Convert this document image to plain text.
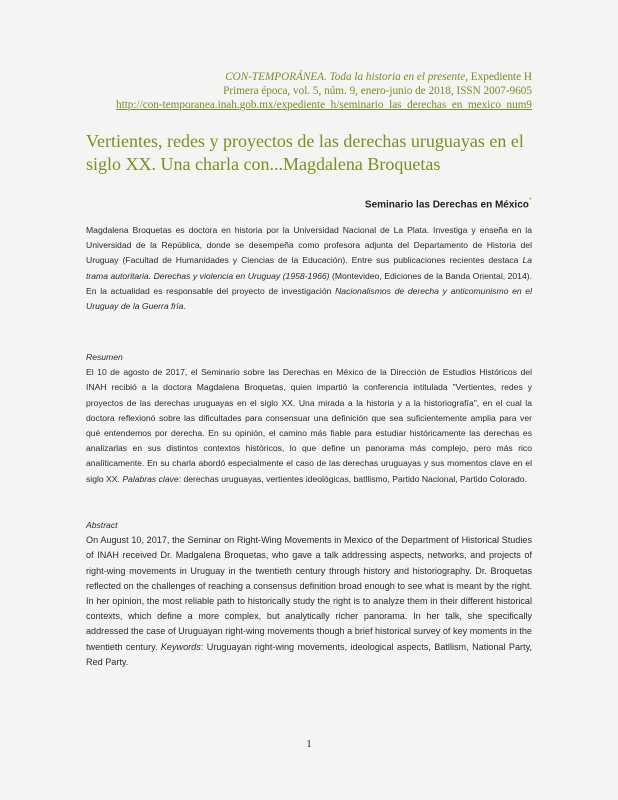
CON-TEMPORÁNEA. Toda la historia en el presente, Expediente H
Primera época, vol. 5, núm. 9, enero-junio de 2018, ISSN 2007-9605
http://con-temporanea.inah.gob.mx/expediente_h/seminario_las_derechas_en_mexico_num9
Vertientes, redes y proyectos de las derechas uruguayas en el siglo XX. Una charla con...Magdalena Broquetas
Seminario las Derechas en México*
Magdalena Broquetas es doctora en historia por la Universidad Nacional de La Plata. Investiga y enseña en la Universidad de la República, donde se desempeña como profesora adjunta del Departamento de Historia del Uruguay (Facultad de Humanidades y Ciencias de la Educación). Entre sus publicaciones recientes destaca La trama autoritaria. Derechas y violencia en Uruguay (1958-1966) (Montevideo, Ediciones de la Banda Oriental, 2014). En la actualidad es responsable del proyecto de investigación Nacionalismos de derecha y anticomunismo en el Uruguay de la Guerra fría.
Resumen
El 10 de agosto de 2017, el Seminario sobre las Derechas en México de la Dirección de Estudios Históricos del INAH recibió a la doctora Magdalena Broquetas, quien impartió la conferencia intitulada "Vertientes, redes y proyectos de las derechas uruguayas en el siglo XX. Una mirada a la historia y a la historiografía", en el cual la doctora reflexionó sobre las dificultades para consensuar una definición que sea suficientemente amplia para ver qué entendemos por derecha. En su opinión, el camino más fiable para estudiar históricamente las derechas es analizarlas en sus distintos contextos históricos, lo que define un panorama más complejo, pero más rico analíticamente. En su charla abordó especialmente el caso de las derechas uruguayas y sus momentos clave en el siglo XX. Palabras clave: derechas uruguayas, vertientes ideológicas, batllismo, Partido Nacional, Partido Colorado.
Abstract
On August 10, 2017, the Seminar on Right-Wing Movements in Mexico of the Department of Historical Studies of INAH received Dr. Madgalena Broquetas, who gave a talk addressing aspects, networks, and projects of right-wing movements in Uruguay in the twentieth century through history and historiography. Dr. Broquetas reflected on the challenges of reaching a consensus definition broad enough to see what is meant by the right. In her opinion, the most reliable path to historically study the right is to analyze them in their different historical contexts, which define a more complex, but analytically richer panorama. In her talk, she specifically addressed the case of Uruguayan right-wing movements though a brief historical survey of key moments in the twentieth century. Keywords: Uruguayan right-wing movements, ideological aspects, Batllism, National Party, Red Party.
1
